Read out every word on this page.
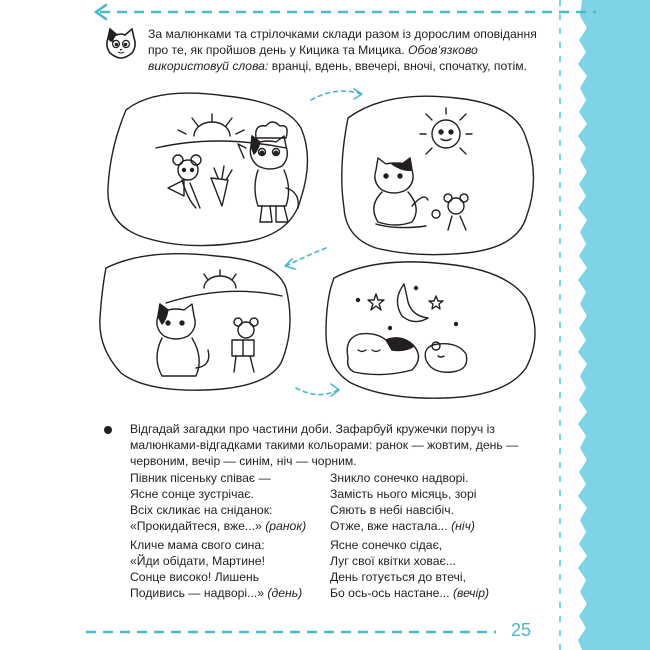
За малюнками та стрілочками склади разом із дорослим оповідання про те, як пройшов день у Кицика та Мицика. Обов’язково використовуй слова: вранці, вдень, ввечері, вночі, спочатку, потім.
Відгадай загадки про частини доби. Зафарбуй кружечки поруч із малюнками-відгадками такими кольорами: ранок — жовтим, день — червоним, вечір — синім, ніч — чорним.
Півник пісеньку співає —
Ясне сонце зустрічає.
Всіх скликає на сніданок:
«Прокидайтеся, вже...» (ранок)
Зникло сонечко надворі.
Замість нього місяць, зорі
Сяють в небі навсібіч.
Отже, вже настала... (ніч)
Кличе мама свого сина:
«Йди обідати, Мартине!
Сонце високо! Лишень
Подивись — надворі...» (день)
Ясне сонечко сідає,
Луг свої квітки ховає...
День готується до втечі,
Бо ось-ось настане... (вечір)
25
